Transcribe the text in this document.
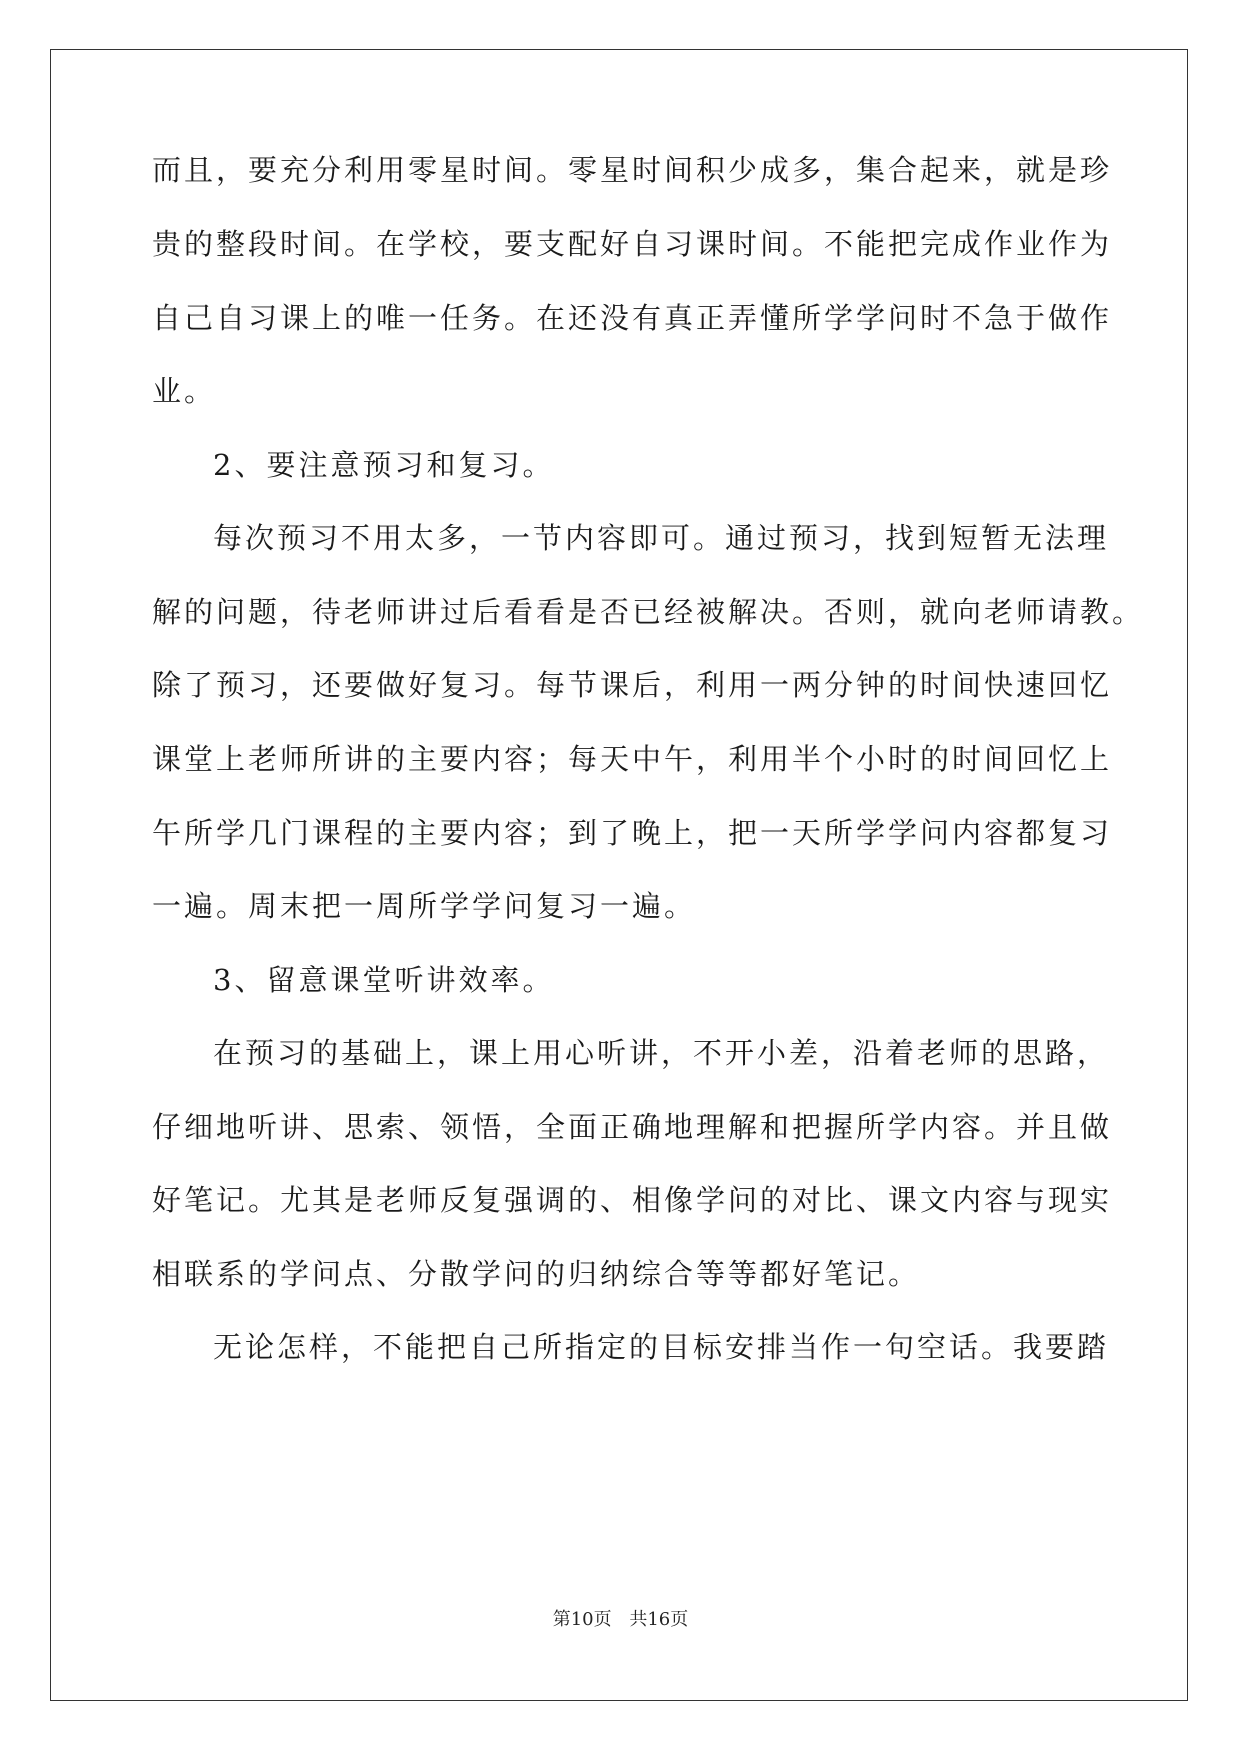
而且，要充分利用零星时间。零星时间积少成多，集合起来，就是珍
贵的整段时间。在学校，要支配好自习课时间。不能把完成作业作为
自己自习课上的唯一任务。在还没有真正弄懂所学学问时不急于做作
业。
2、要注意预习和复习。
每次预习不用太多，一节内容即可。通过预习，找到短暂无法理
解的问题，待老师讲过后看看是否已经被解决。否则，就向老师请教。
除了预习，还要做好复习。每节课后，利用一两分钟的时间快速回忆
课堂上老师所讲的主要内容；每天中午，利用半个小时的时间回忆上
午所学几门课程的主要内容；到了晚上，把一天所学学问内容都复习
一遍。周末把一周所学学问复习一遍。
3、留意课堂听讲效率。
在预习的基础上，课上用心听讲，不开小差，沿着老师的思路，
仔细地听讲、思索、领悟，全面正确地理解和把握所学内容。并且做
好笔记。尤其是老师反复强调的、相像学问的对比、课文内容与现实
相联系的学问点、分散学问的归纳综合等等都好笔记。
无论怎样，不能把自己所指定的目标安排当作一句空话。我要踏
第10页 共16页
